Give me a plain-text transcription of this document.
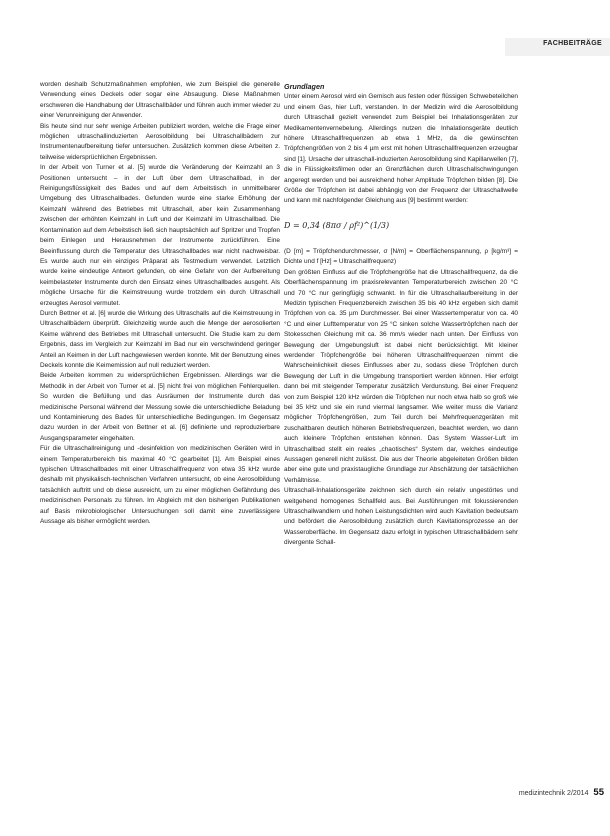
FACHBEITRÄGE

worden deshalb Schutzmaßnahmen empfohlen, wie zum Beispiel die generelle Verwendung eines Deckels oder sogar eine Absaugung. Diese Maßnahmen erschweren die Handhabung der Ultraschallbäder und führen auch immer wieder zu einer Verunreinigung der Anwender.

Bis heute sind nur sehr wenige Arbeiten publiziert worden, welche die Frage einer möglichen ultraschallinduzierten Aerosolbildung bei Ultraschallbädern zur Instrumentenaufbereitung tiefer untersuchen. Zusätzlich kommen diese Arbeiten z. teilweise widersprüchlichen Ergebnissen.

In der Arbeit von Turner et al. [5] wurde die Veränderung der Keimzahl an 3 Positionen untersucht – in der Luft über dem Ultraschallbad, in der Reinigungsflüssigkeit des Bades und auf dem Arbeitstisch in unmittelbarer Umgebung des Ultraschallbades. Gefunden wurde eine starke Erhöhung der Keimzahl während des Betriebes mit Ultraschall, aber kein Zusammenhang zwischen der erhöhten Keimzahl in Luft und der Keimzahl im Ultraschallbad. Die Kontamination auf dem Arbeitstisch ließ sich hauptsächlich auf Spritzer und Tropfen beim Einlegen und Herausnehmen der Instrumente zurückführen. Eine Beeinflussung durch die Temperatur des Ultraschallbades war nicht nachweisbar. Es wurde auch nur ein einziges Präparat als Testmedium verwendet. Letztlich wurde keine eindeutige Antwort gefunden, ob eine Gefahr von der Aufbereitung keimbelasteter Instrumente durch den Einsatz eines Ultraschallbades ausgeht. Als mögliche Ursache für die Keimstreuung wurde trotzdem ein durch Ultraschall erzeugtes Aerosol vermutet.

Durch Bettner et al. [6] wurde die Wirkung des Ultraschalls auf die Keimstreuung in Ultraschallbädern überprüft. Gleichzeitig wurde auch die Menge der aerosolierten Keime während des Betriebes mit Ultraschall untersucht. Die Studie kam zu dem Ergebnis, dass im Vergleich zur Keimzahl im Bad nur ein verschwindend geringer Anteil an Keimen in der Luft nachgewiesen werden konnte. Mit der Benutzung eines Deckels konnte die Keimemission auf null reduziert werden.

Beide Arbeiten kommen zu widersprüchlichen Ergebnissen. Allerdings war die Methodik in der Arbeit von Turner et al. [5] nicht frei von möglichen Fehlerquellen. So wurden die Befüllung und das Ausräumen der Instrumente durch das medizinische Personal während der Messung sowie die unterschiedliche Beladung und Kontaminierung des Bades für unterschiedliche Bedingungen. Im Gegensatz dazu wurden in der Arbeit von Bettner et al. [6] definierte und reproduzierbare Ausgangsparameter eingehalten.

Für die Ultraschallreinigung und -desinfektion von medizinischen Geräten wird in einem Temperaturbereich bis maximal 40 °C gearbeitet [1]. Am Beispiel eines typischen Ultraschallbades mit einer Ultraschallfrequenz von etwa 35 kHz wurde deshalb mit physikalisch-technischen Verfahren untersucht, ob eine Aerosolbildung tatsächlich auftritt und ob diese ausreicht, um zu einer möglichen Gefährdung des medizinischen Personals zu führen. Im Abgleich mit den bisherigen Publikationen auf Basis mikrobiologischer Untersuchungen soll damit eine zuverlässigere Aussage als bisher ermöglicht werden.

Grundlagen

Unter einem Aerosol wird ein Gemisch aus festen oder flüssigen Schwebeteilchen und einem Gas, hier Luft, verstanden. In der Medizin wird die Aerosolbildung durch Ultraschall gezielt verwendet zum Beispiel bei Inhalationsgeräten zur Medikamentenvernebelung. Allerdings nutzen die Inhalationsgeräte deutlich höhere Ultraschallfrequenzen ab etwa 1 MHz, da die gewünschten Tröpfchengrößen von 2 bis 4 µm erst mit hohen Ultraschallfrequenzen erzeugbar sind [1]. Ursache der ultraschall-induzierten Aerosolbildung sind Kapillarwellen [7], die in Flüssigkeitsfilmen oder an Grenzflächen durch Ultraschallschwingungen angeregt werden und bei ausreichend hoher Amplitude Tröpfchen bilden [8]. Die Größe der Tröpfchen ist dabei abhängig von der Frequenz der Ultraschallwelle und kann mit nachfolgender Gleichung aus [9] bestimmt werden:

D = 0,34 (8πσ / ρf²)^(1/3)

(D [m] = Tröpfchendurchmesser, σ [N/m] = Oberflächenspannung, ρ [kg/m³] = Dichte und f [Hz] = Ultraschallfrequenz)

Den größten Einfluss auf die Tröpfchengröße hat die Ultraschallfrequenz, da die Oberflächenspannung im praxisrelevanten Temperaturbereich zwischen 20 °C und 70 °C nur geringfügig schwankt. In für die Ultraschallaufbereitung in der Medizin typischen Frequenzbereich zwischen 35 bis 40 kHz ergeben sich damit Tröpfchen von ca. 35 µm Durchmesser. Bei einer Wassertemperatur von ca. 40 °C und einer Lufttemperatur von 25 °C sinken solche Wassertröpfchen nach der Stokesschen Gleichung mit ca. 36 mm/s wieder nach unten. Der Einfluss von Bewegung der Umgebungsluft ist dabei nicht berücksichtigt. Mit kleiner werdender Tröpfchengröße bei höheren Ultraschallfrequenzen nimmt die Wahrscheinlichkeit dieses Einflusses aber zu, sodass diese Tröpfchen durch Bewegung der Luft in die Umgebung transportiert werden können. Hier erfolgt dann bei mit steigender Temperatur zusätzlich Verdunstung. Bei einer Frequenz von zum Beispiel 120 kHz würden die Tröpfchen nur noch etwa halb so groß wie bei 35 kHz und sie ein rund viermal langsamer. Wie weiter muss die Varianz möglicher Tröpfchengrößen, zum Teil durch bei Mehrfrequenzgeräten mit zuschaltbaren deutlich höheren Betriebsfrequenzen, beachtet werden, wo dann auch kleinere Tröpfchen entstehen können. Das System Wasser-Luft im Ultraschallbad stellt ein reales „chaotisches“ System dar, welches eindeutige Aussagen generell nicht zulässt. Die aus der Theorie abgeleiteten Größen bilden aber eine gute und praxistaugliche Grundlage zur Abschätzung der tatsächlichen Verhältnisse.

Ultraschall-Inhalationsgeräte zeichnen sich durch ein relativ ungestörtes und weitgehend homogenes Schallfeld aus. Bei Ausführungen mit fokussierenden Ultraschallwandlern und hohen Leistungsdichten wird auch Kavitation bedeutsam und befördert die Aerosolbildung zusätzlich durch Kavitationsprozesse an der Wasseroberfläche. Im Gegensatz dazu erfolgt in typischen Ultraschallbädern sehr divergente Schall-

medizintechnik 2/2014 55
